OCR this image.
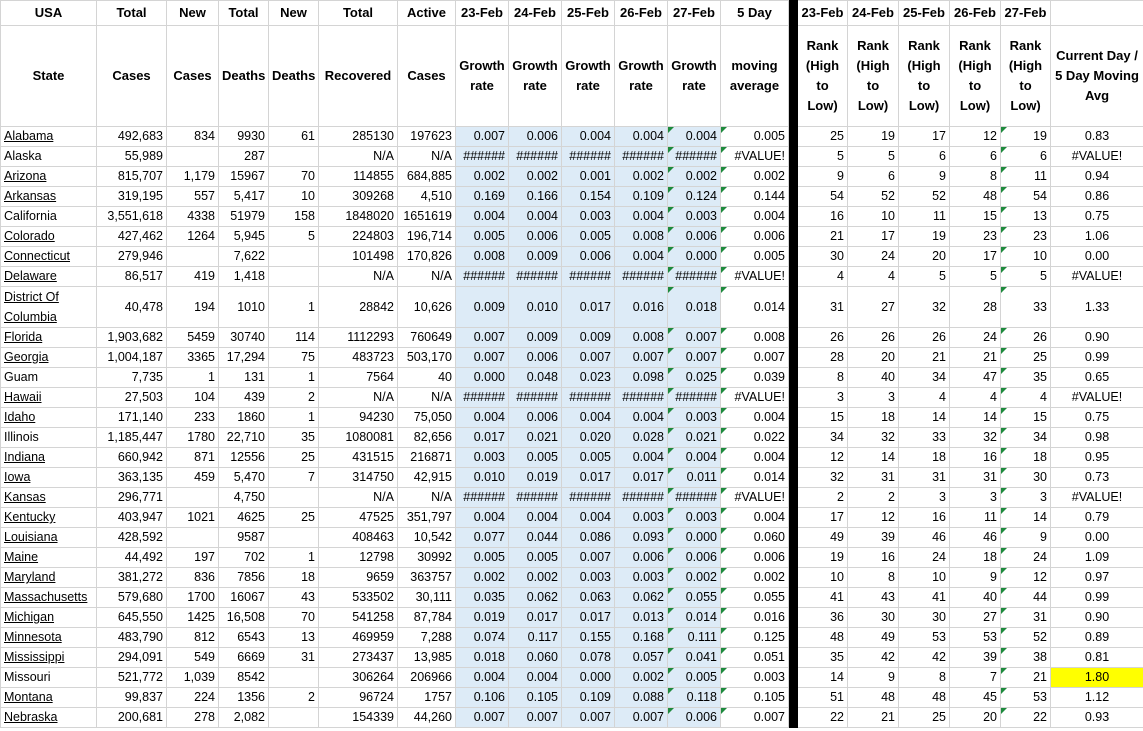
USA	Total	New	Total	New	Total	Active	23-Feb	24-Feb	25-Feb	26-Feb	27-Feb	5 Day		23-Feb	24-Feb	25-Feb	26-Feb	27-Feb	
State	Cases	Cases	Deaths	Deaths	Recovered	Cases	Growth rate	Growth rate	Growth rate	Growth rate	Growth rate	moving average		Rank (High to Low)	Rank (High to Low)	Rank (High to Low)	Rank (High to Low)	Rank (High to Low)	Current Day / 5 Day Moving Avg
Alabama	492,683	834	9930	61	285130	197623	0.007	0.006	0.004	0.004	0.004	0.005		25	19	17	12	19	0.83
Alaska	55,989		287		N/A	N/A	######	######	######	######	######	#VALUE!		5	5	6	6	6	#VALUE!
Arizona	815,707	1,179	15967	70	114855	684,885	0.002	0.002	0.001	0.002	0.002	0.002		9	6	9	8	11	0.94
Arkansas	319,195	557	5,417	10	309268	4,510	0.169	0.166	0.154	0.109	0.124	0.144		54	52	52	48	54	0.86
California	3,551,618	4338	51979	158	1848020	1651619	0.004	0.004	0.003	0.004	0.003	0.004		16	10	11	15	13	0.75
Colorado	427,462	1264	5,945	5	224803	196,714	0.005	0.006	0.005	0.008	0.006	0.006		21	17	19	23	23	1.06
Connecticut	279,946		7,622		101498	170,826	0.008	0.009	0.006	0.004	0.000	0.005		30	24	20	17	10	0.00
Delaware	86,517	419	1,418		N/A	N/A	######	######	######	######	######	#VALUE!		4	4	5	5	5	#VALUE!
District Of Columbia	40,478	194	1010	1	28842	10,626	0.009	0.010	0.017	0.016	0.018	0.014		31	27	32	28	33	1.33
Florida	1,903,682	5459	30740	114	1112293	760649	0.007	0.009	0.009	0.008	0.007	0.008		26	26	26	24	26	0.90
Georgia	1,004,187	3365	17,294	75	483723	503,170	0.007	0.006	0.007	0.007	0.007	0.007		28	20	21	21	25	0.99
Guam	7,735	1	131	1	7564	40	0.000	0.048	0.023	0.098	0.025	0.039		8	40	34	47	35	0.65
Hawaii	27,503	104	439	2	N/A	N/A	######	######	######	######	######	#VALUE!		3	3	4	4	4	#VALUE!
Idaho	171,140	233	1860	1	94230	75,050	0.004	0.006	0.004	0.004	0.003	0.004		15	18	14	14	15	0.75
Illinois	1,185,447	1780	22,710	35	1080081	82,656	0.017	0.021	0.020	0.028	0.021	0.022		34	32	33	32	34	0.98
Indiana	660,942	871	12556	25	431515	216871	0.003	0.005	0.005	0.004	0.004	0.004		12	14	18	16	18	0.95
Iowa	363,135	459	5,470	7	314750	42,915	0.010	0.019	0.017	0.017	0.011	0.014		32	31	31	31	30	0.73
Kansas	296,771		4,750		N/A	N/A	######	######	######	######	######	#VALUE!		2	2	3	3	3	#VALUE!
Kentucky	403,947	1021	4625	25	47525	351,797	0.004	0.004	0.004	0.003	0.003	0.004		17	12	16	11	14	0.79
Louisiana	428,592		9587		408463	10,542	0.077	0.044	0.086	0.093	0.000	0.060		49	39	46	46	9	0.00
Maine	44,492	197	702	1	12798	30992	0.005	0.005	0.007	0.006	0.006	0.006		19	16	24	18	24	1.09
Maryland	381,272	836	7856	18	9659	363757	0.002	0.002	0.003	0.003	0.002	0.002		10	8	10	9	12	0.97
Massachusetts	579,680	1700	16067	43	533502	30,111	0.035	0.062	0.063	0.062	0.055	0.055		41	43	41	40	44	0.99
Michigan	645,550	1425	16,508	70	541258	87,784	0.019	0.017	0.017	0.013	0.014	0.016		36	30	30	27	31	0.90
Minnesota	483,790	812	6543	13	469959	7,288	0.074	0.117	0.155	0.168	0.111	0.125		48	49	53	53	52	0.89
Mississippi	294,091	549	6669	31	273437	13,985	0.018	0.060	0.078	0.057	0.041	0.051		35	42	42	39	38	0.81
Missouri	521,772	1,039	8542		306264	206966	0.004	0.004	0.000	0.002	0.005	0.003		14	9	8	7	21	1.80
Montana	99,837	224	1356	2	96724	1757	0.106	0.105	0.109	0.088	0.118	0.105		51	48	48	45	53	1.12
Nebraska	200,681	278	2,082		154339	44,260	0.007	0.007	0.007	0.007	0.006	0.007		22	21	25	20	22	0.93
